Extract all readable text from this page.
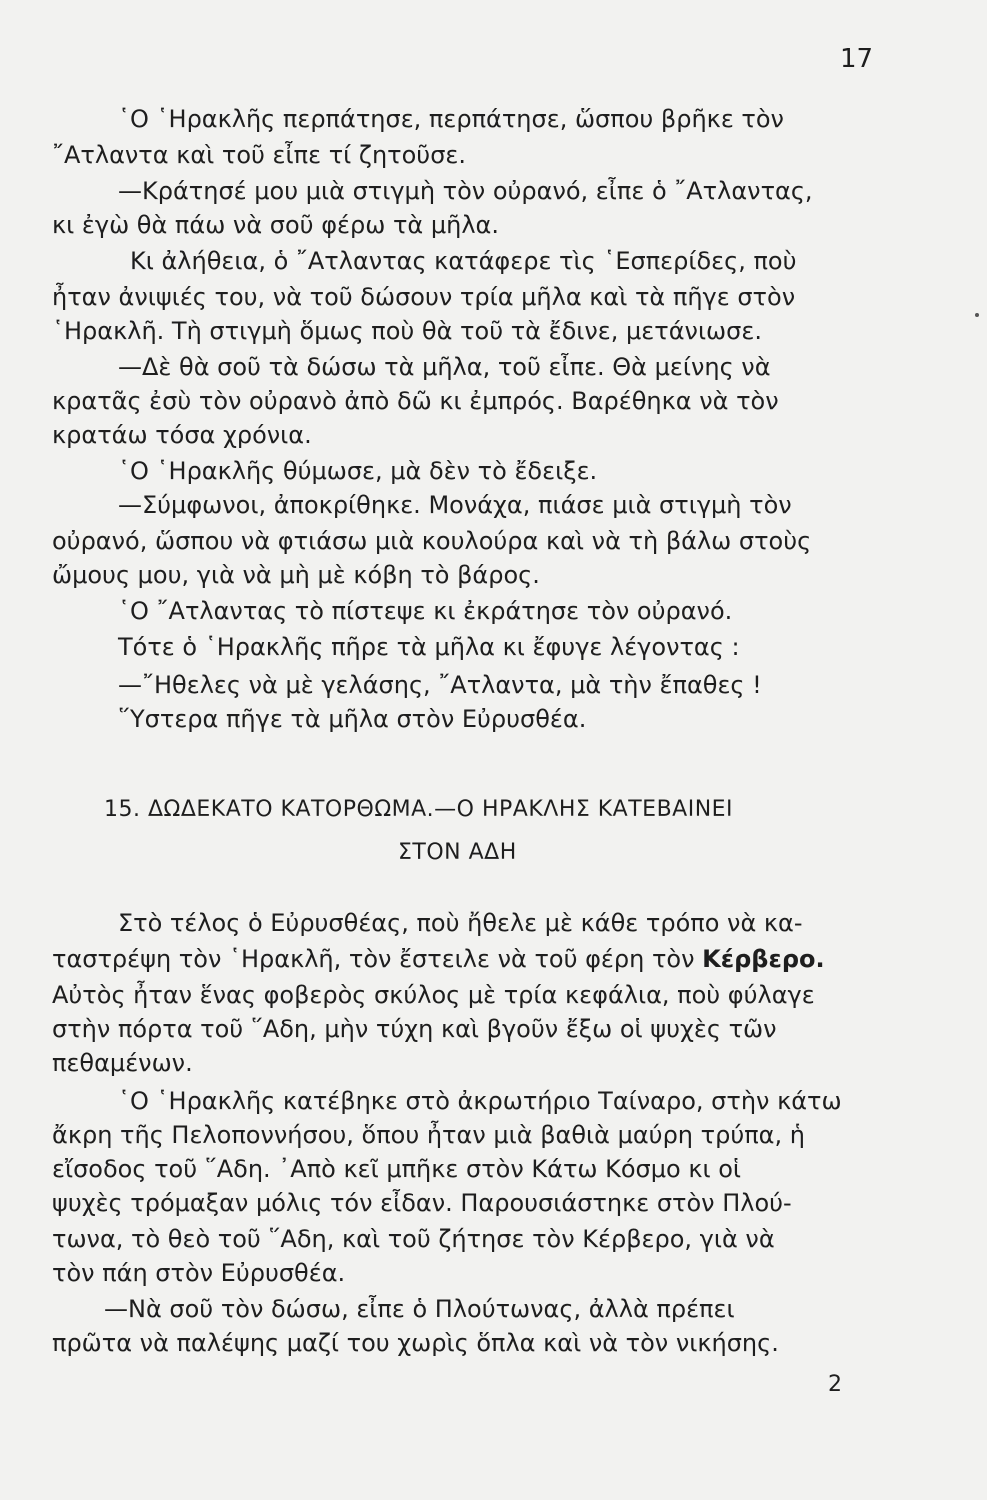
17
῾Ο ῾Ηρακλῆς περπάτησε, περπάτησε, ὥσπου βρῆκε τὸν
῎Ατλαντα καὶ τοῦ εἶπε τί ζητοῦσε.
—Κράτησέ μου μιὰ στιγμὴ τὸν οὐρανό, εἶπε ὁ ῎Ατλαντας,
κι ἐγὼ θὰ πάω νὰ σοῦ φέρω τὰ μῆλα.
Κι ἀλήθεια, ὁ ῎Ατλαντας κατάφερε τὶς ῾Εσπερίδες, ποὺ
ἦταν ἀνιψιές του, νὰ τοῦ δώσουν τρία μῆλα καὶ τὰ πῆγε στὸν
῾Ηρακλῆ. Τὴ στιγμὴ ὅμως ποὺ θὰ τοῦ τὰ ἔδινε, μετάνιωσε.
—Δὲ θὰ σοῦ τὰ δώσω τὰ μῆλα, τοῦ εἶπε. Θὰ μείνης νὰ
κρατᾶς ἐσὺ τὸν οὐρανὸ ἀπὸ δῶ κι ἐμπρός. Βαρέθηκα νὰ τὸν
κρατάω τόσα χρόνια.
῾Ο ῾Ηρακλῆς θύμωσε, μὰ δὲν τὸ ἔδειξε.
—Σύμφωνοι, ἀποκρίθηκε. Μονάχα, πιάσε μιὰ στιγμὴ τὸν
οὐρανό, ὥσπου νὰ φτιάσω μιὰ κουλούρα καὶ νὰ τὴ βάλω στοὺς
ὤμους μου, γιὰ νὰ μὴ μὲ κόβη τὸ βάρος.
῾Ο ῎Ατλαντας τὸ πίστεψε κι ἐκράτησε τὸν οὐρανό.
Τότε ὁ ῾Ηρακλῆς πῆρε τὰ μῆλα κι ἔφυγε λέγοντας :
—῎Ηθελες νὰ μὲ γελάσης, ῎Ατλαντα, μὰ τὴν ἔπαθες !
῞Υστερα πῆγε τὰ μῆλα στὸν Εὐρυσθέα.
15. ΔΩΔΕΚΑΤΟ ΚΑΤΟΡΘΩΜΑ.—Ο ΗΡΑΚΛΗΣ ΚΑΤΕΒΑΙΝΕΙ
ΣΤΟΝ ΑΔΗ
Στὸ τέλος ὁ Εὐρυσθέας, ποὺ ἤθελε μὲ κάθε τρόπο νὰ κα-
ταστρέψη τὸν ῾Ηρακλῆ, τὸν ἔστειλε νὰ τοῦ φέρη τὸν Κέρβερο.
Αὐτὸς ἦταν ἕνας φοβερὸς σκύλος μὲ τρία κεφάλια, ποὺ φύλαγε
στὴν πόρτα τοῦ ῞Αδη, μὴν τύχη καὶ βγοῦν ἔξω οἱ ψυχὲς τῶν
πεθαμένων.
῾Ο ῾Ηρακλῆς κατέβηκε στὸ ἀκρωτήριο Ταίναρο, στὴν κάτω
ἄκρη τῆς Πελοποννήσου, ὅπου ἦταν μιὰ βαθιὰ μαύρη τρύπα, ἡ
εἴσοδος τοῦ ῞Αδη. ᾿Απὸ κεῖ μπῆκε στὸν Κάτω Κόσμο κι οἱ
ψυχὲς τρόμαξαν μόλις τόν εἶδαν. Παρουσιάστηκε στὸν Πλού-
τωνα, τὸ θεὸ τοῦ ῞Αδη, καὶ τοῦ ζήτησε τὸν Κέρβερο, γιὰ νὰ
τὸν πάη στὸν Εὐρυσθέα.
—Νὰ σοῦ τὸν δώσω, εἶπε ὁ Πλούτωνας, ἀλλὰ πρέπει
πρῶτα νὰ παλέψης μαζί του χωρὶς ὅπλα καὶ νὰ τὸν νικήσης.
2
